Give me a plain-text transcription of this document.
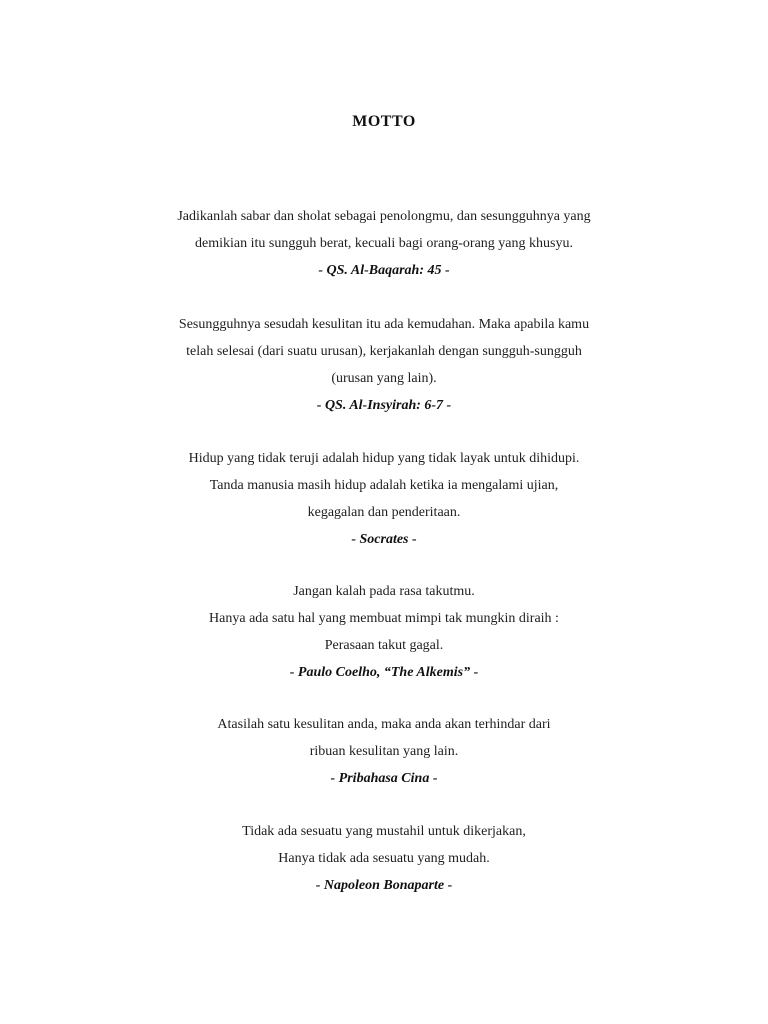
MOTTO
Jadikanlah sabar dan sholat sebagai penolongmu, dan sesungguhnya yang
demikian itu sungguh berat, kecuali bagi orang-orang yang khusyu.
- QS. Al-Baqarah: 45 -
Sesungguhnya sesudah kesulitan itu ada kemudahan. Maka apabila kamu
telah selesai (dari suatu urusan), kerjakanlah dengan sungguh-sungguh
(urusan yang lain).
- QS. Al-Insyirah: 6-7 -
Hidup yang tidak teruji adalah hidup yang tidak layak untuk dihidupi.
Tanda manusia masih hidup adalah ketika ia mengalami ujian,
kegagalan dan penderitaan.
- Socrates -
Jangan kalah pada rasa takutmu.
Hanya ada satu hal yang membuat mimpi tak mungkin diraih :
Perasaan takut gagal.
- Paulo Coelho, “The Alkemis” -
Atasilah satu kesulitan anda, maka anda akan terhindar dari
ribuan kesulitan yang lain.
- Pribahasa Cina -
Tidak ada sesuatu yang mustahil untuk dikerjakan,
Hanya tidak ada sesuatu yang mudah.
- Napoleon Bonaparte -
